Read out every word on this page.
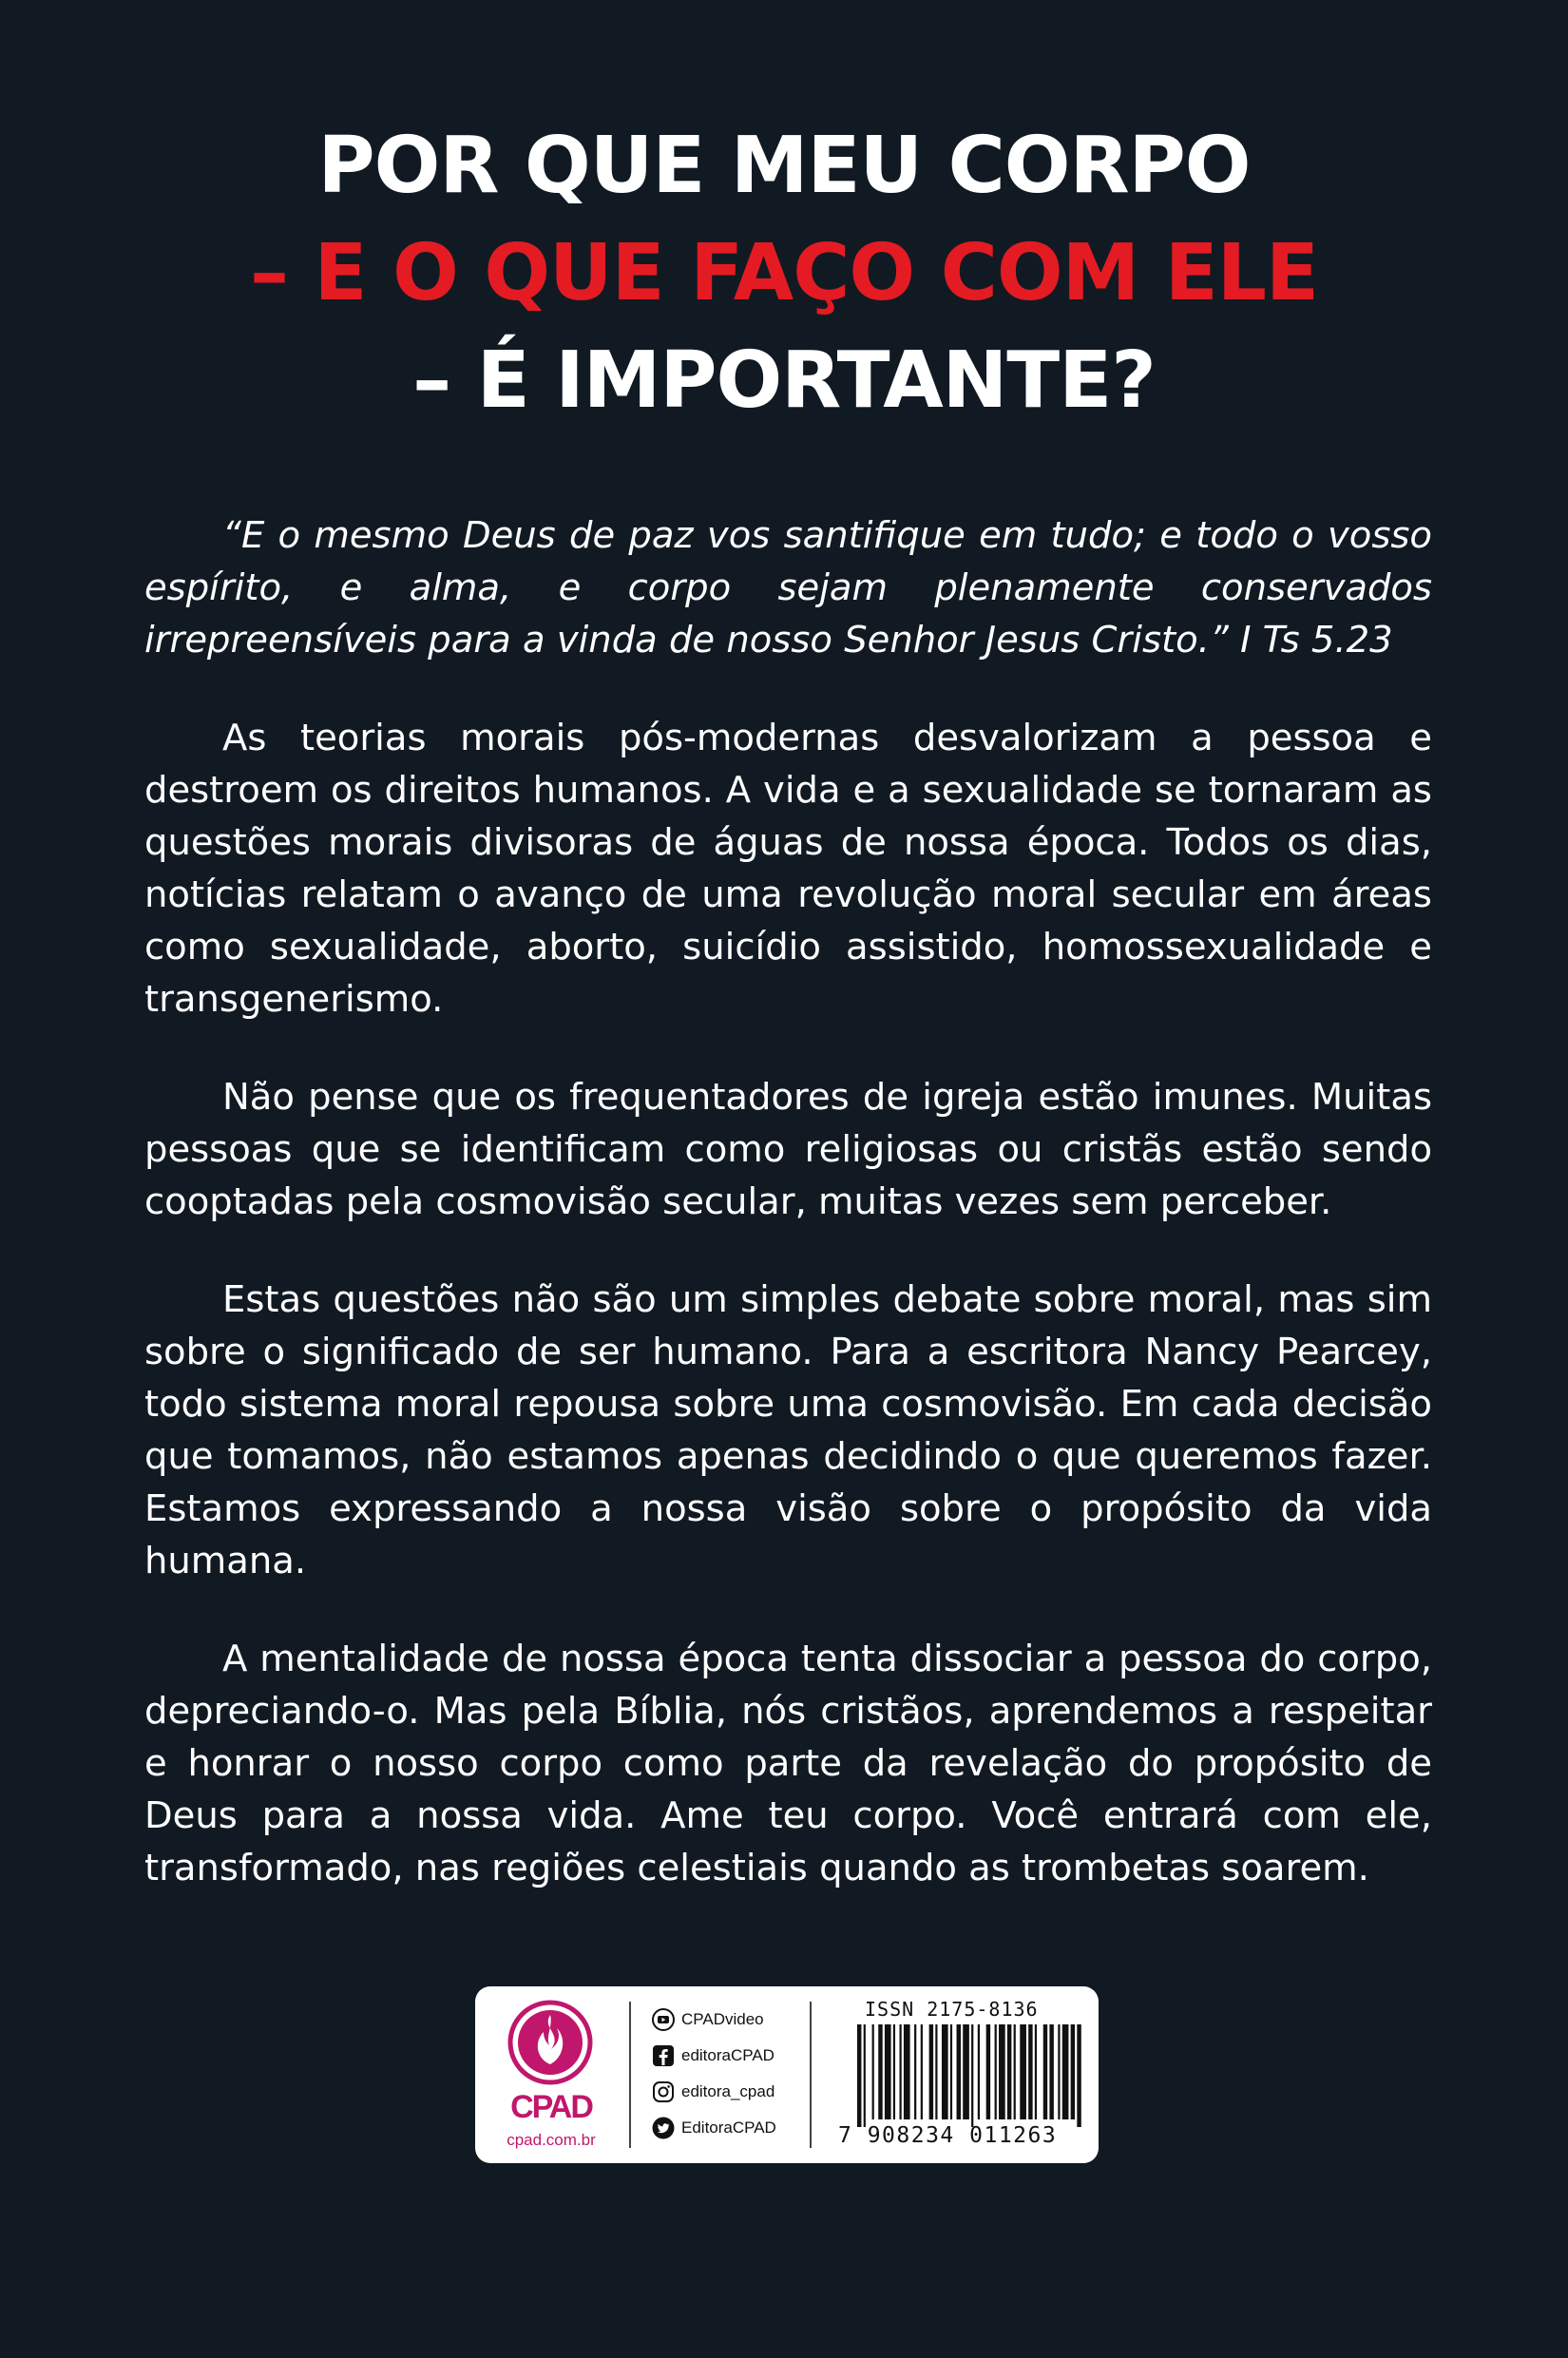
POR QUE MEU CORPO
– E O QUE FAÇO COM ELE
– É IMPORTANTE?

“E o mesmo Deus de paz vos santifique em tudo; e todo o vosso espírito, e alma, e corpo sejam plenamente conservados irrepreensíveis para a vinda de nosso Senhor Jesus Cristo.” I Ts 5.23

As teorias morais pós-modernas desvalorizam a pessoa e destroem os direitos humanos. A vida e a sexualidade se tornaram as questões morais divisoras de águas de nossa época. Todos os dias, notícias relatam o avanço de uma revolução moral secular em áreas como sexualidade, aborto, suicídio assistido, homossexualidade e transgenerismo.

Não pense que os frequentadores de igreja estão imunes. Muitas pessoas que se identificam como religiosas ou cristãs estão sendo cooptadas pela cosmovisão secular, muitas vezes sem perceber.

Estas questões não são um simples debate sobre moral, mas sim sobre o significado de ser humano. Para a escritora Nancy Pearcey, todo sistema moral repousa sobre uma cosmovisão. Em cada decisão que tomamos, não estamos apenas decidindo o que queremos fazer. Estamos expressando a nossa visão sobre o propósito da vida humana.

A mentalidade de nossa época tenta dissociar a pessoa do corpo, depreciando-o. Mas pela Bíblia, nós cristãos, aprendemos a respeitar e honrar o nosso corpo como parte da revelação do propósito de Deus para a nossa vida. Ame teu corpo. Você entrará com ele, transformado, nas regiões celestiais quando as trombetas soarem.

CPAD
cpad.com.br
CPADvideo
editoraCPAD
editora_cpad
EditoraCPAD
ISSN 2175-8136
7 908234 011263
